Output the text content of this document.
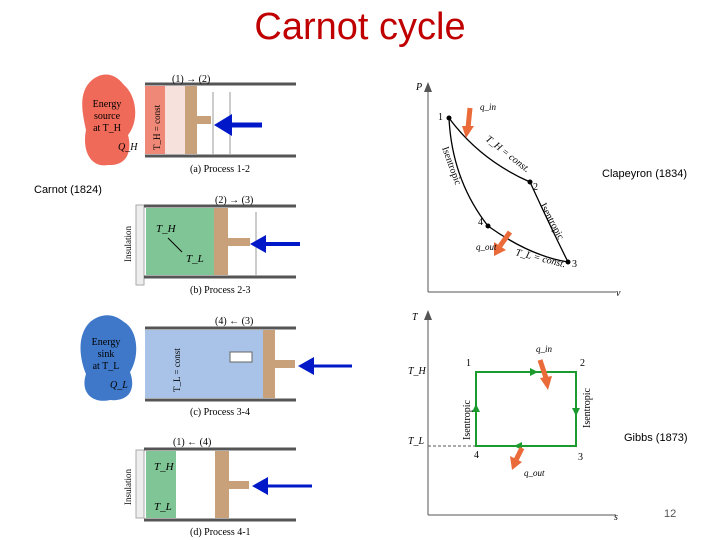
Carnot cycle
Energy
source
at T_H
Q_H T_H = const
(1) → (2)
(a) Process 1-2
Insulation T_H
T_L
(2) → (3)
(b) Process 2-3
Energy
sink
at T_L
Q_L	T_L = const
(4) ← (3)
(c) Process 3-4
Insulation
T_H
T_L
(1) ← (4)
(d) Process 4-1
P
v
1
2
3
4
T_H = const.
T_L = const.
Isentropic
Isentropic
q_in
q_out
T
s
T_H
T_L
1	2
3
4
Isentropic	Isentropic
q_in
q_out
Carnot (1824)
Clapeyron (1834)
Gibbs (1873)
12
